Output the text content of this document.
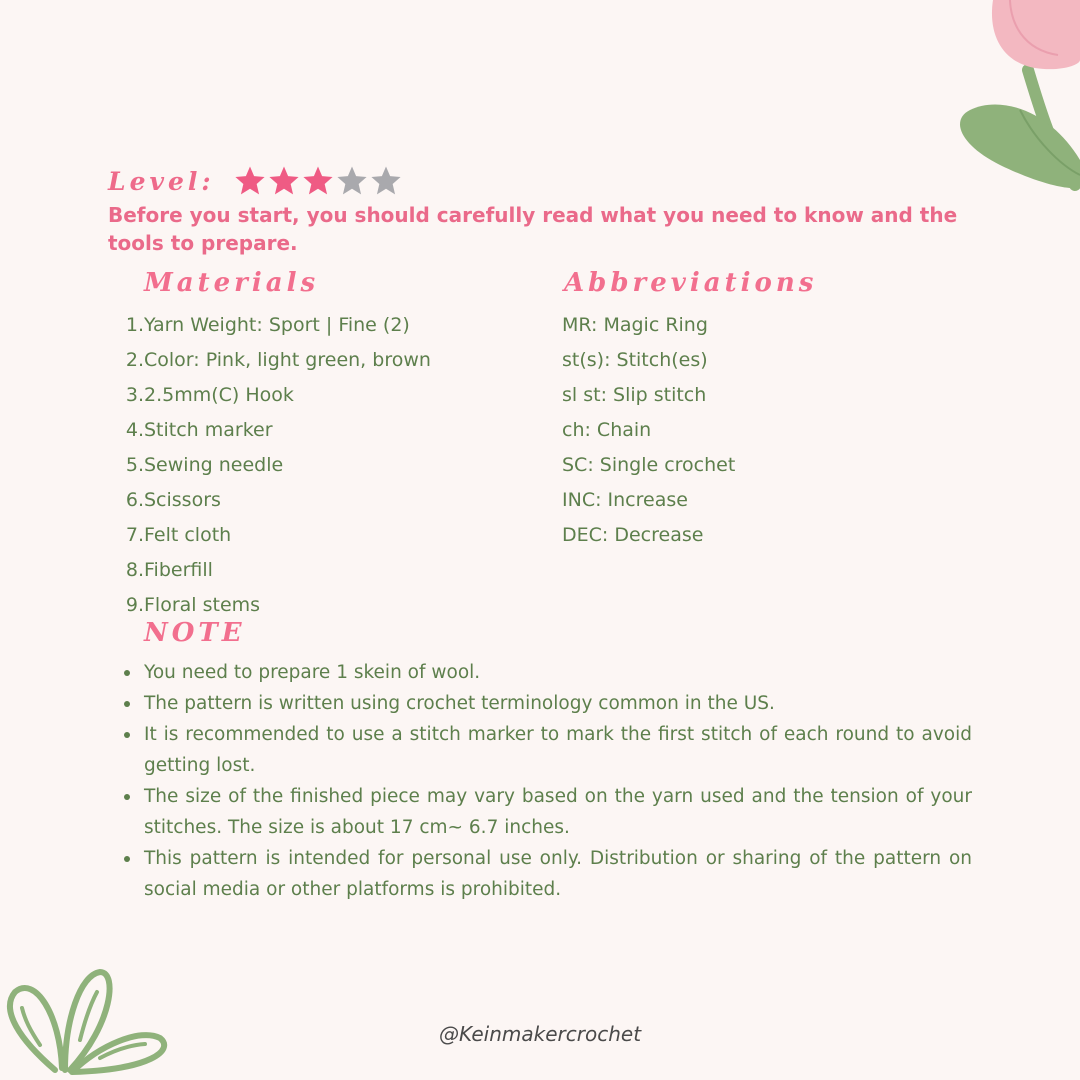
Level:
Before you start, you should carefully read what you need to know and the tools to prepare.
Materials
1. Yarn Weight: Sport | Fine (2)
2. Color: Pink, light green, brown
3. 2.5mm(C) Hook
4. Stitch marker
5. Sewing needle
6. Scissors
7. Felt cloth
8. Fiberfill
9. Floral stems
Abbreviations
MR: Magic Ring
st(s): Stitch(es)
sl st: Slip stitch
ch: Chain
SC: Single crochet
INC: Increase
DEC: Decrease
NOTE
You need to prepare 1 skein of wool.
The pattern is written using crochet terminology common in the US.
It is recommended to use a stitch marker to mark the first stitch of each round to avoid getting lost.
The size of the finished piece may vary based on the yarn used and the tension of your stitches. The size is about 17 cm~ 6.7 inches.
This pattern is intended for personal use only. Distribution or sharing of the pattern on social media or other platforms is prohibited.
@Keinmakercrochet
